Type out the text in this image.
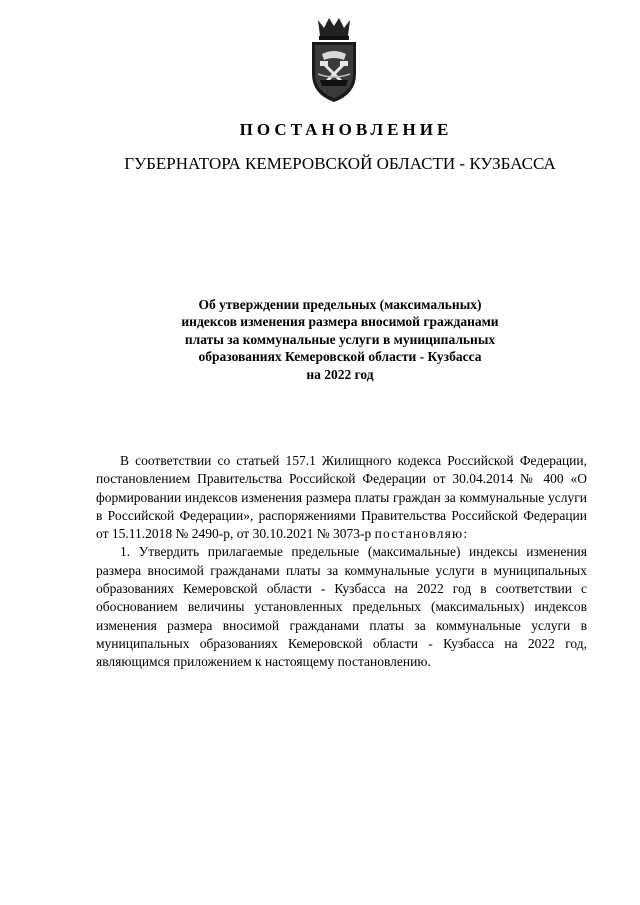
ПОСТАНОВЛЕНИЕ
ГУБЕРНАТОРА КЕМЕРОВСКОЙ ОБЛАСТИ - КУЗБАССА
Об утверждении предельных (максимальных)
индексов изменения размера вносимой гражданами
платы за коммунальные услуги в муниципальных
образованиях Кемеровской области - Кузбасса
на 2022 год

В соответствии со статьей 157.1 Жилищного кодекса Российской Федерации, постановлением Правительства Российской Федерации от 30.04.2014 № 400 «О формировании индексов изменения размера платы граждан за коммунальные услуги в Российской Федерации», распоряжениями Правительства Российской Федерации от 15.11.2018 № 2490-р, от 30.10.2021 № 3073-р постановляю:

1. Утвердить прилагаемые предельные (максимальные) индексы изменения размера вносимой гражданами платы за коммунальные услуги в муниципальных образованиях Кемеровской области - Кузбасса на 2022 год в соответствии с обоснованием величины установленных предельных (максимальных) индексов изменения размера вносимой гражданами платы за коммунальные услуги в муниципальных образованиях Кемеровской области - Кузбасса на 2022 год, являющимся приложением к настоящему постановлению.
